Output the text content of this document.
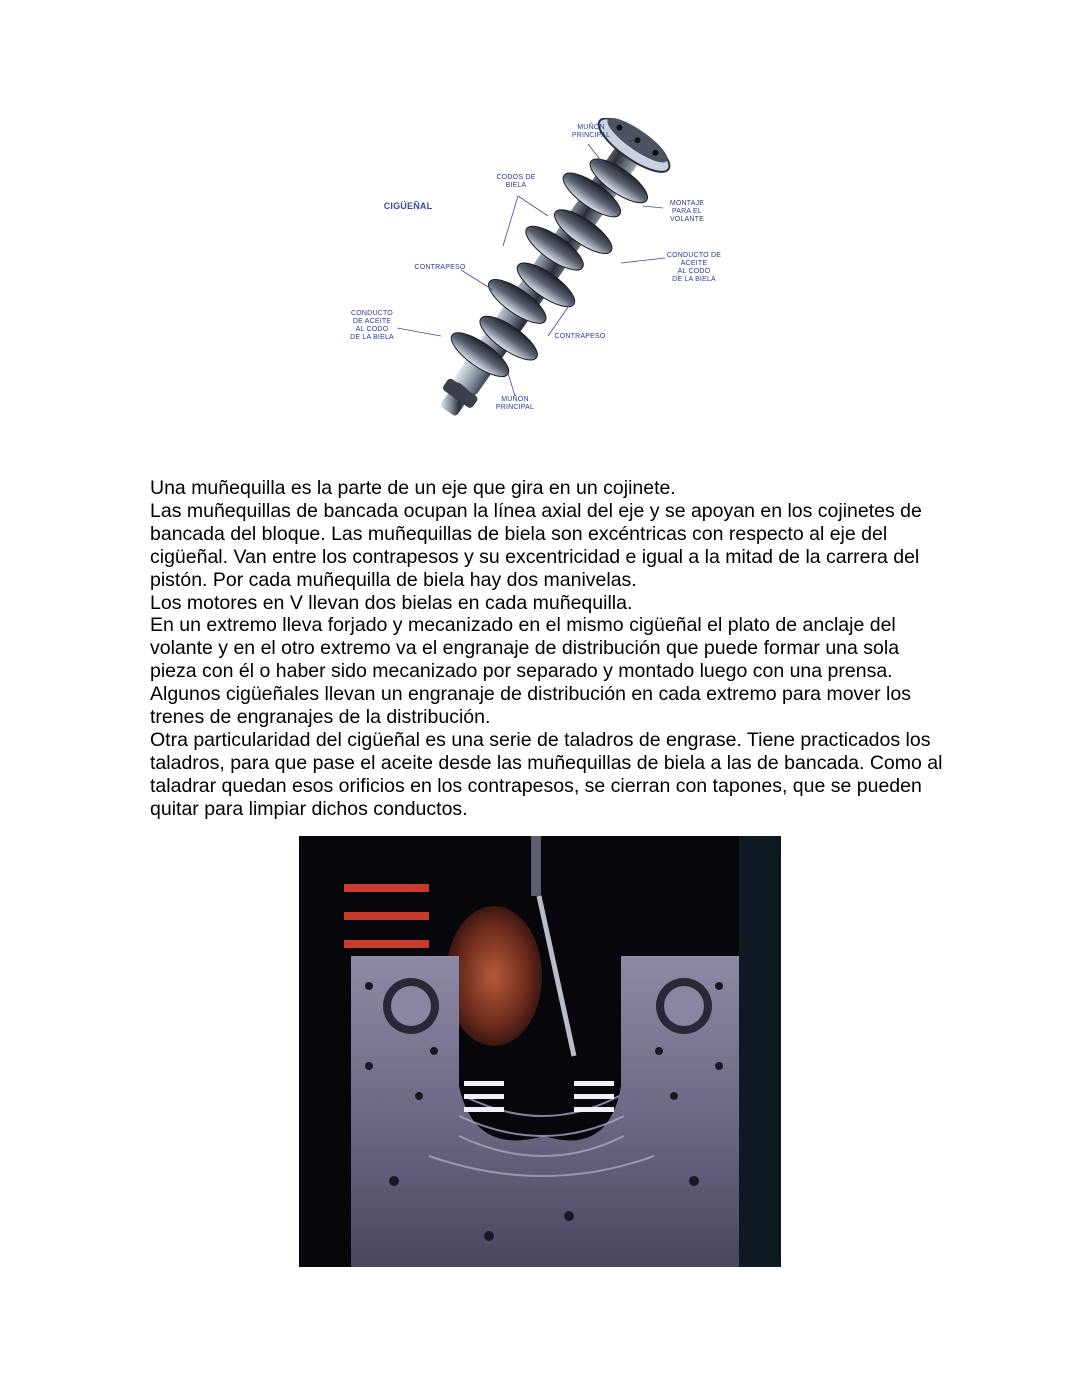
MUÑON
PRINCIPAL
CODOS DE
BIELA
CIGÜEÑAL	MONTAJE
PARA EL
VOLANTE
CONTRAPESO
CONDUCTO DE
ACEITE
AL CODO
DE LA BIELA
CONDUCTO
DE ACEITE
AL CODO
DE LA BIELA	CONTRAPESO
MUÑON
PRINCIPAL

Una muñequilla es la parte de un eje que gira en un cojinete.

Las muñequillas de bancada ocupan la línea axial del eje y se apoyan en los cojinetes de bancada del bloque. Las muñequillas de biela son excéntricas con respecto al eje del cigüeñal. Van entre los contrapesos y su excentricidad e igual a la mitad de la carrera del pistón. Por cada muñequilla de biela hay dos manivelas.

Los motores en V llevan dos bielas en cada muñequilla.

En un extremo lleva forjado y mecanizado en el mismo cigüeñal el plato de anclaje del volante y en el otro extremo va el engranaje de distribución que puede formar una sola pieza con él o haber sido mecanizado por separado y montado luego con una prensa. Algunos cigüeñales llevan un engranaje de distribución en cada extremo para mover los trenes de engranajes de la distribución.

Otra particularidad del cigüeñal es una serie de taladros de engrase. Tiene practicados los taladros, para que pase el aceite desde las muñequillas de biela a las de bancada. Como al taladrar quedan esos orificios en los contrapesos, se cierran con tapones, que se pueden quitar para limpiar dichos conductos.
